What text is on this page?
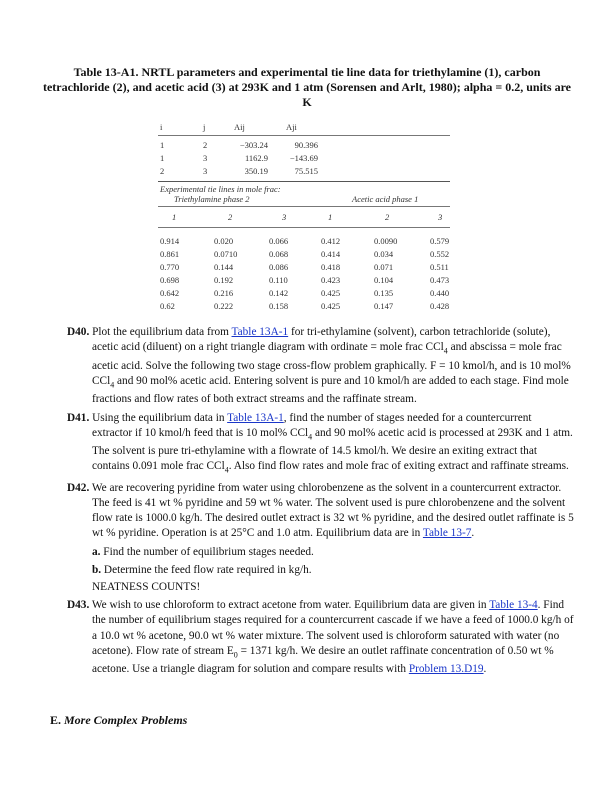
Table 13-A1. NRTL parameters and experimental tie line data for triethylamine (1), carbon tetrachloride (2), and acetic acid (3) at 293K and 1 atm (Sorensen and Arlt, 1980); alpha = 0.2, units are K
i	j	Aij	Aji
1	2	−303.24	90.396
1	3	1162.9	−143.69
2	3	350.19	75.515
Experimental tie lines in mole frac:
Triethylamine phase 2	Acetic acid phase 1
1	2	3	1	2	3
0.914	0.020	0.066	0.412	0.0090	0.579
0.861	0.0710	0.068	0.414	0.034	0.552
0.770	0.144	0.086	0.418	0.071	0.511
0.698	0.192	0.110	0.423	0.104	0.473
0.642	0.216	0.142	0.425	0.135	0.440
0.62	0.222	0.158	0.425	0.147	0.428

D40. Plot the equilibrium data from Table 13A-1 for tri-ethylamine (solvent), carbon tetrachloride (solute), acetic acid (diluent) on a right triangle diagram with ordinate = mole frac CCl$_4$ and abscissa = mole frac acetic acid. Solve the following two stage cross-flow problem graphically. F = 10 kmol/h, and is 10 mol% CCl$_4$ and 90 mol% acetic acid. Entering solvent is pure and 10 kmol/h are added to each stage. Find mole fractions and flow rates of both extract streams and the raffinate stream.

D41. Using the equilibrium data in Table 13A-1, find the number of stages needed for a countercurrent extractor if 10 kmol/h feed that is 10 mol% CCl$_4$ and 90 mol% acetic acid is processed at 293K and 1 atm. The solvent is pure tri-ethylamine with a flowrate of 14.5 kmol/h. We desire an exiting extract that contains 0.091 mole frac CCl$_4$. Also find flow rates and mole frac of exiting extract and raffinate streams.

D42. We are recovering pyridine from water using chlorobenzene as the solvent in a countercurrent extractor. The feed is 41 wt % pyridine and 59 wt % water. The solvent used is pure chlorobenzene and the solvent flow rate is 1000.0 kg/h. The desired outlet extract is 32 wt % pyridine, and the desired outlet raffinate is 5 wt % pyridine. Operation is at 25°C and 1.0 atm. Equilibrium data are in Table 13-7.

a. Find the number of equilibrium stages needed.

b. Determine the feed flow rate required in kg/h.

NEATNESS COUNTS!

D43. We wish to use chloroform to extract acetone from water. Equilibrium data are given in Table 13-4. Find the number of equilibrium stages required for a countercurrent cascade if we have a feed of 1000.0 kg/h of a 10.0 wt % acetone, 90.0 wt % water mixture. The solvent used is chloroform saturated with water (no acetone). Flow rate of stream $E_0 = 1371$ kg/h. We desire an outlet raffinate concentration of 0.50 wt % acetone. Use a triangle diagram for solution and compare results with Problem 13.D19.

E. More Complex Problems
